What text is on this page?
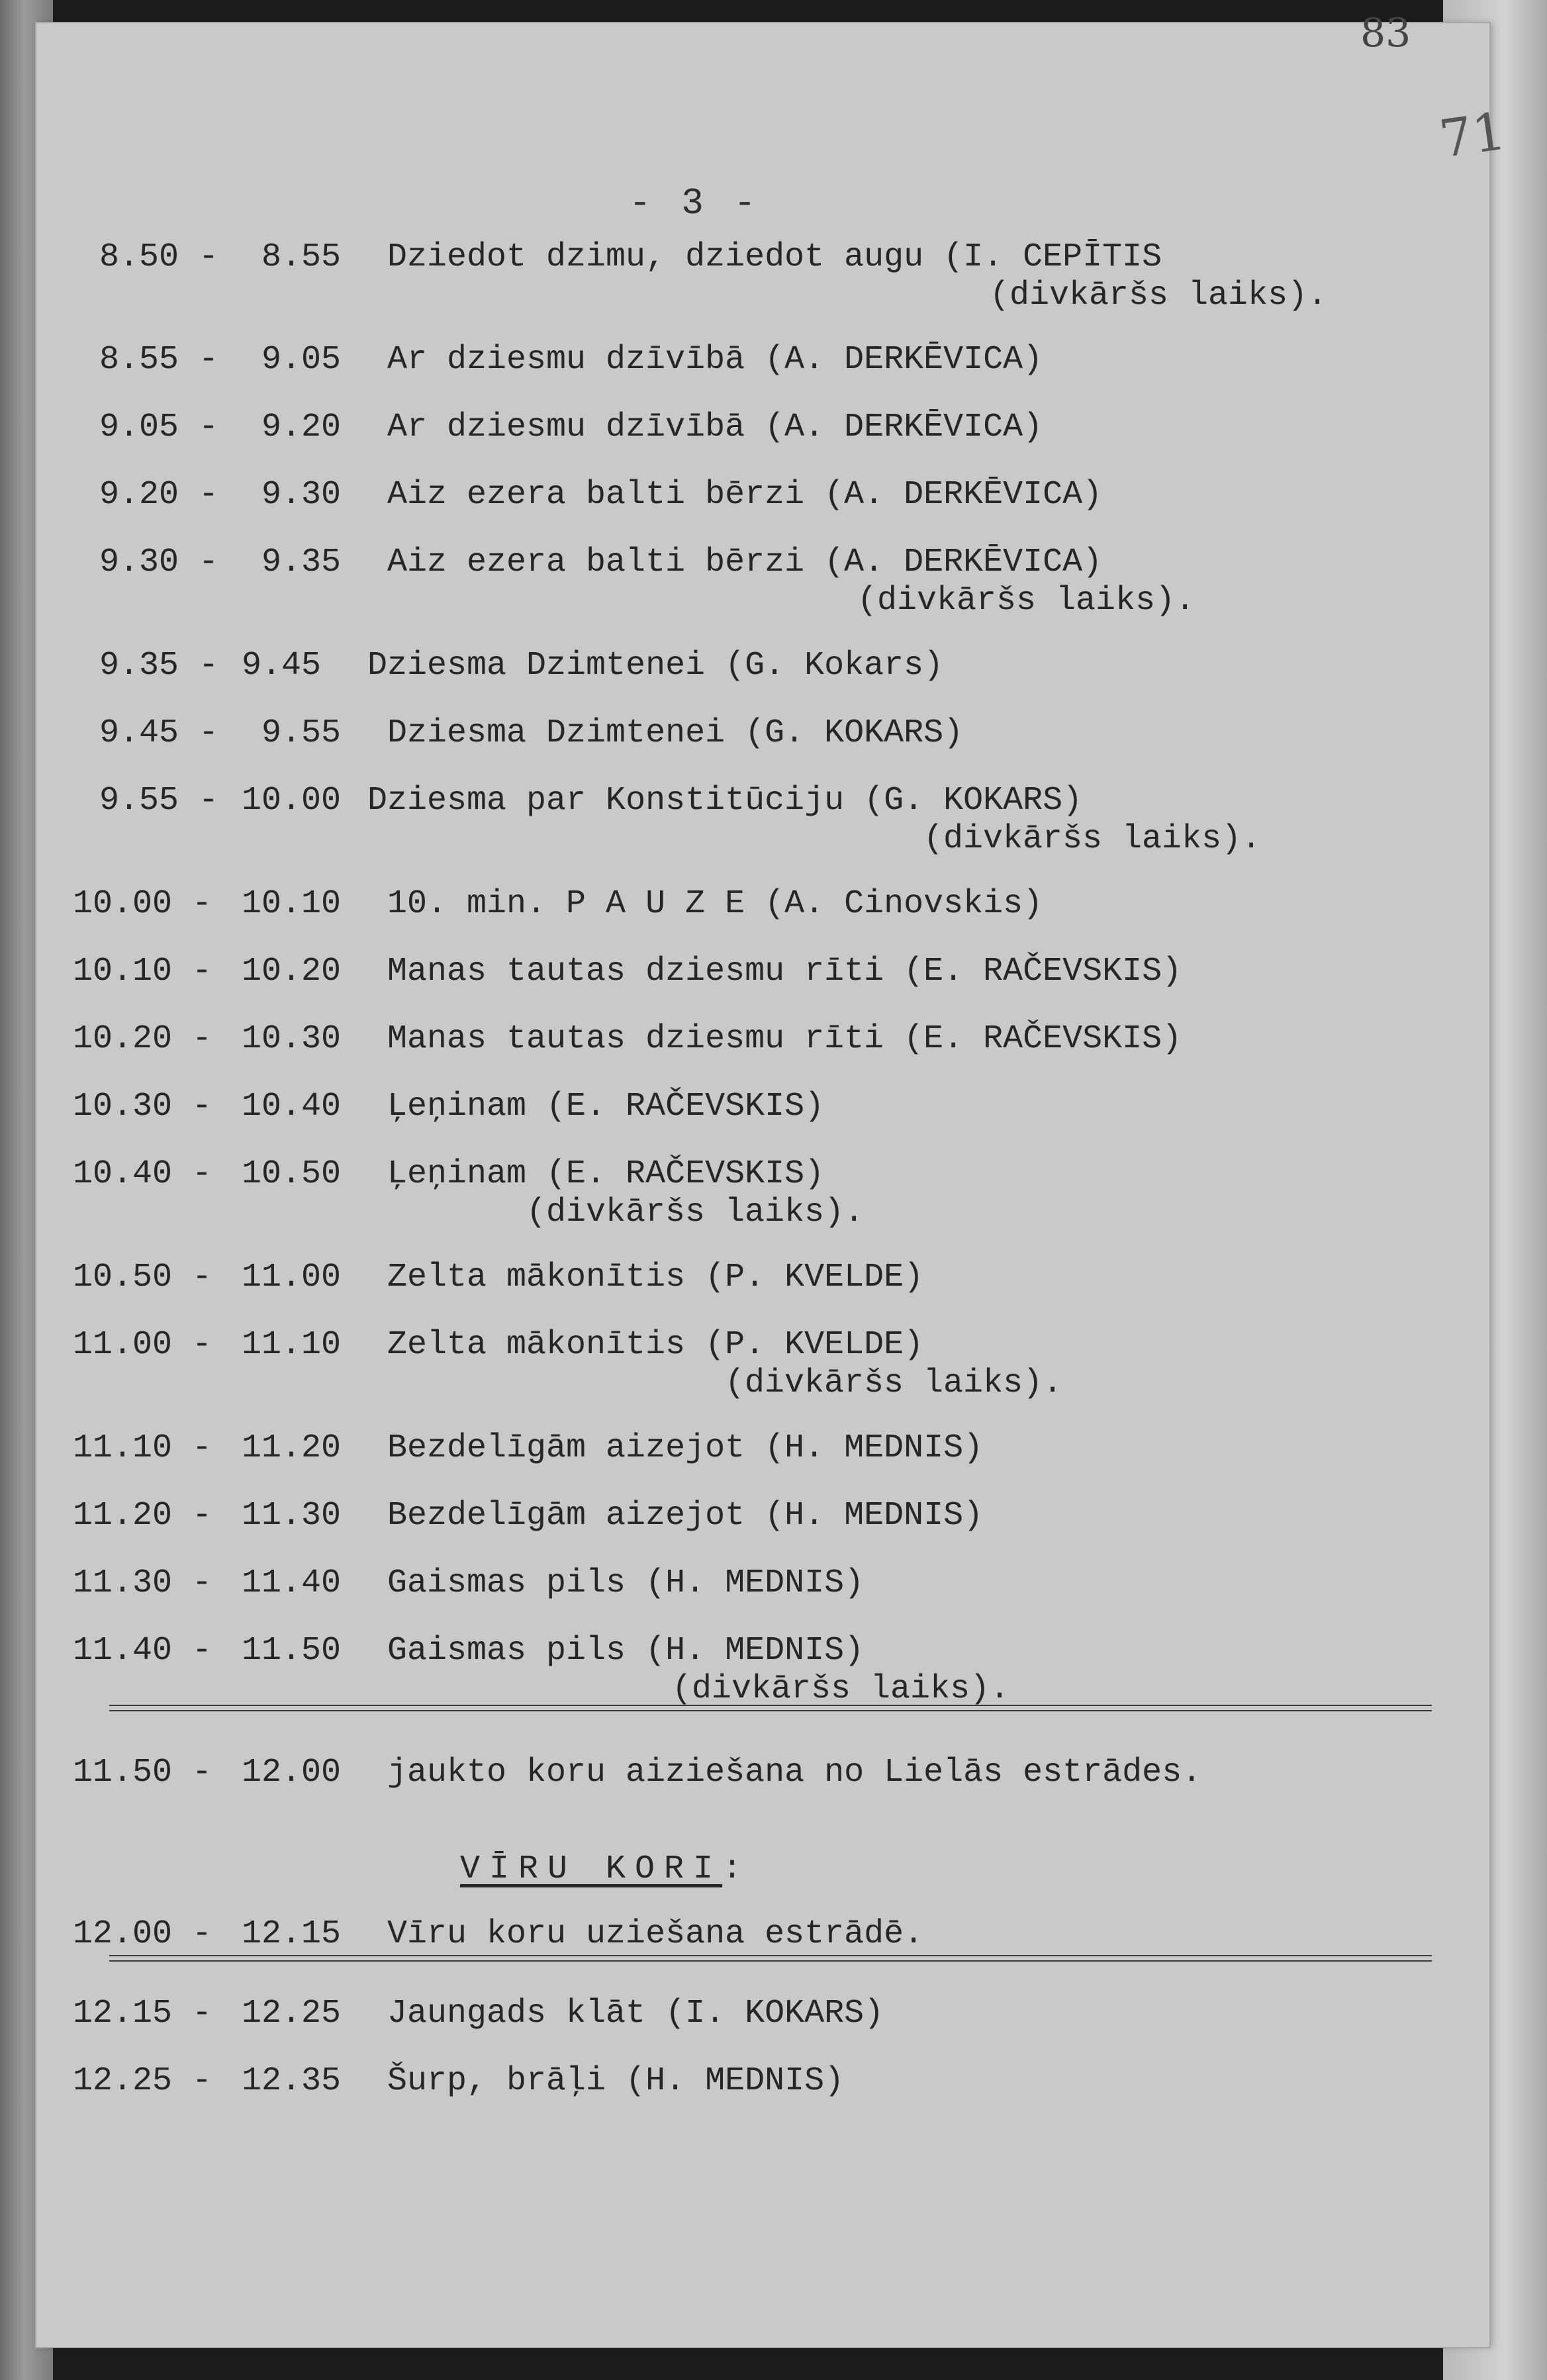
83
71
- 3 -
8.50 - 8.55 Dziedot dzimu, dziedot augu (I. CEPĪTIS
(divkāršs laiks).
8.55 - 9.05 Ar dziesmu dzīvībā (A. DERKĒVICA)
9.05 - 9.20 Ar dziesmu dzīvībā (A. DERKĒVICA)
9.20 - 9.30 Aiz ezera balti bērzi (A. DERKĒVICA)
9.30 - 9.35 Aiz ezera balti bērzi (A. DERKĒVICA)
(divkāršs laiks).
9.35 - 9.45 Dziesma Dzimtenei (G. Kokars)
9.45 - 9.55 Dziesma Dzimtenei (G. KOKARS)
9.55 - 10.00 Dziesma par Konstitūciju (G. KOKARS)
(divkāršs laiks).
10.00 - 10.10 10. min. P A U Z E (A. Cinovskis)
10.10 - 10.20 Manas tautas dziesmu rīti (E. RAČEVSKIS)
10.20 - 10.30 Manas tautas dziesmu rīti (E. RAČEVSKIS)
10.30 - 10.40 Ļeņinam (E. RAČEVSKIS)
10.40 - 10.50 Ļeņinam (E. RAČEVSKIS)
(divkāršs laiks).
10.50 - 11.00 Zelta mākonītis (P. KVELDE)
11.00 - 11.10 Zelta mākonītis (P. KVELDE)
(divkāršs laiks).
11.10 - 11.20 Bezdelīgām aizejot (H. MEDNIS)
11.20 - 11.30 Bezdelīgām aizejot (H. MEDNIS)
11.30 - 11.40 Gaismas pils (H. MEDNIS)
11.40 - 11.50 Gaismas pils (H. MEDNIS)
(divkāršs laiks).
11.50 - 12.00 jaukto koru aiziešana no Lielās estrādes.
VĪRU KORI:
12.00 - 12.15 Vīru koru uziešana estrādē.
12.15 - 12.25 Jaungads klāt (I. KOKARS)
12.25 - 12.35 Šurp, brāļi (H. MEDNIS)
